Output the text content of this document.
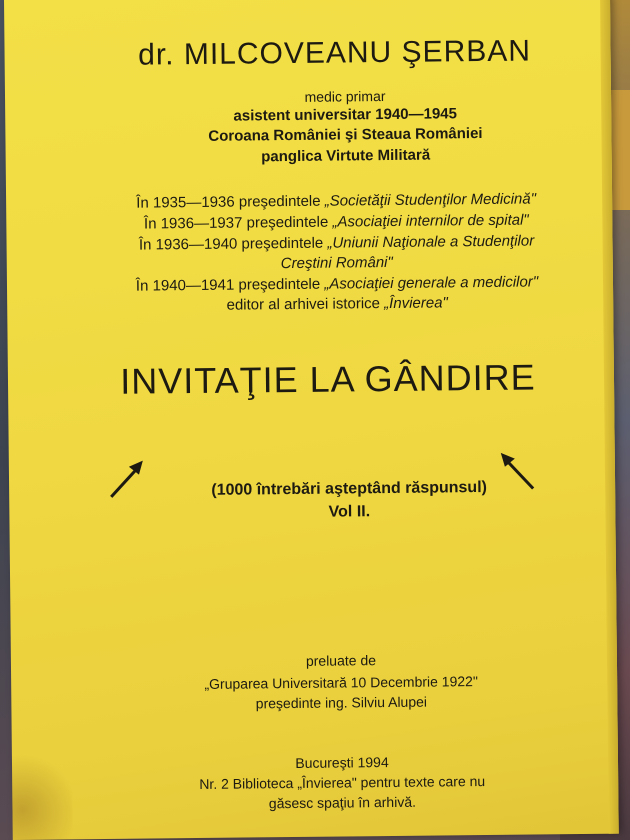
dr. MILCOVEANU ŞERBAN
medic primar
asistent universitar 1940—1945
Coroana României şi Steaua României
panglica Virtute Militară
În 1935—1936 preşedintele „Societăţii Studenţilor Medicină"
În 1936—1937 preşedintele „Asociaţiei internilor de spital"
În 1936—1940 preşedintele „Uniunii Naţionale a Studenţilor
Creştini Români"
În 1940—1941 preşedintele „Asociaţiei generale a medicilor"
editor al arhivei istorice „Învierea"
INVITAŢIE LA GÂNDIRE
(1000 întrebări aşteptând răspunsul)
Vol II.
preluate de
„Gruparea Universitară 10 Decembrie 1922"
preşedinte ing. Silviu Alupei
Bucureşti 1994
Nr. 2 Biblioteca „Învierea" pentru texte care nu
găsesc spaţiu în arhivă.
